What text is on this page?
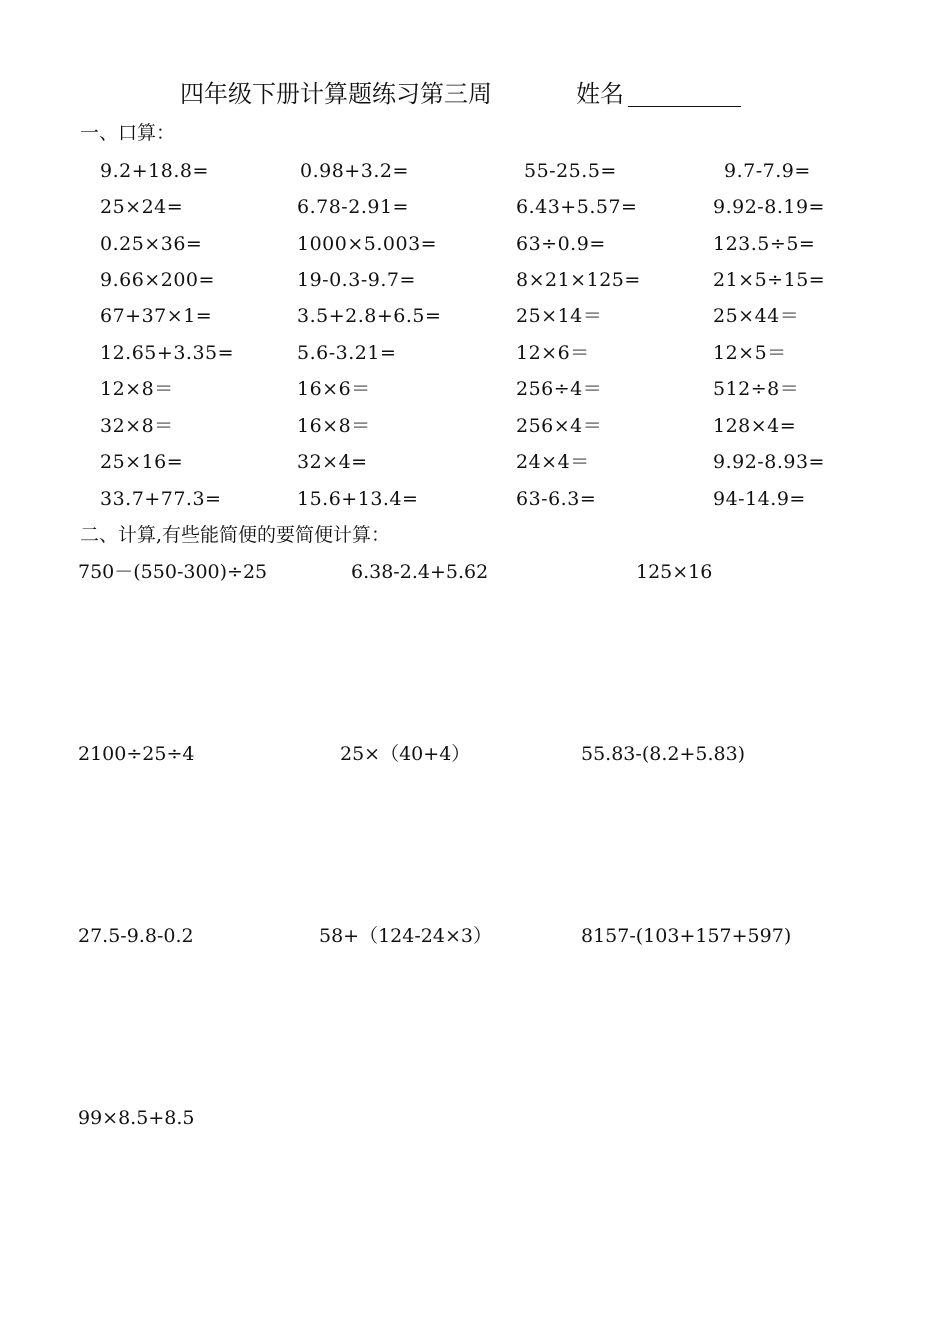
四年级下册计算题练习第三周	姓名
一、口算：
9.2+18.8=	0.98+3.2=	55-25.5=	9.7-7.9=
25×24=	6.78-2.91=	6.43+5.57=	9.92-8.19=
0.25×36=	1000×5.003=	63÷0.9=	123.5÷5=
9.66×200=	19-0.3-9.7=	8×21×125=	21×5÷15=
67+37×1=	3.5+2.8+6.5=	25×14＝	25×44＝
12.65+3.35=	5.6-3.21=	12×6＝	12×5＝
12×8＝	16×6＝	256÷4＝	512÷8＝
32×8＝	16×8＝	256×4＝	128×4=
25×16=	32×4=	24×4＝	9.92-8.93=
33.7+77.3=	15.6+13.4=	63-6.3=	94-14.9=
二、计算,有些能简便的要简便计算：
750－(550-300)÷25	6.38-2.4+5.62	125×16
2100÷25÷4	25×（40+4）	55.83-(8.2+5.83)
27.5-9.8-0.2	58+（124-24×3）	8157-(103+157+597)
99×8.5+8.5
